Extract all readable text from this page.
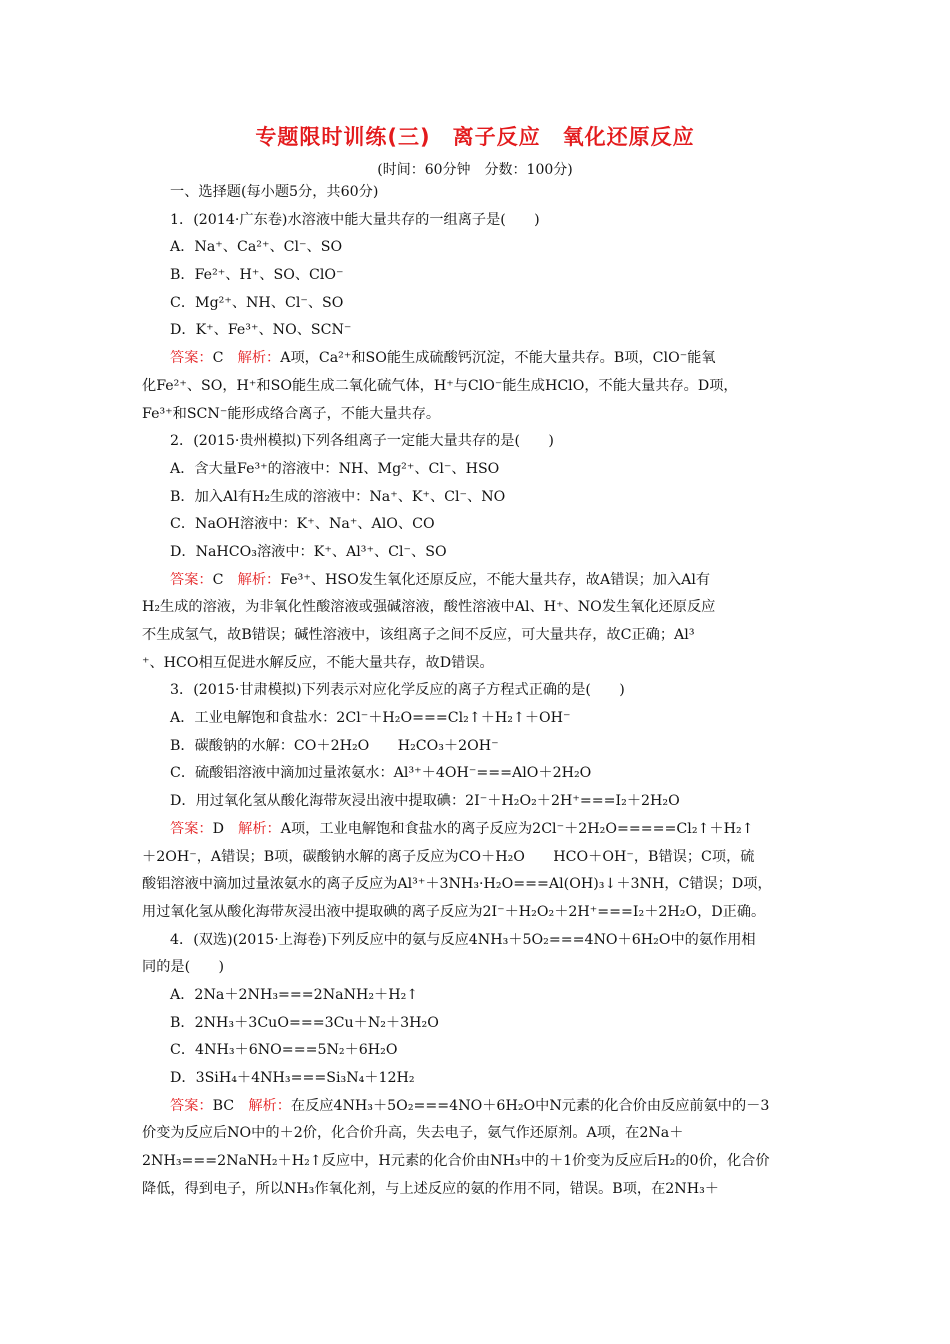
专题限时训练(三)　离子反应　氧化还原反应
(时间：60分钟　分数：100分)
一、选择题(每小题5分，共60分)
1．(2014·广东卷)水溶液中能大量共存的一组离子是(　　)
A．Na⁺、Ca²⁺、Cl⁻、SO
B．Fe²⁺、H⁺、SO、ClO⁻
C．Mg²⁺、NH、Cl⁻、SO
D．K⁺、Fe³⁺、NO、SCN⁻
答案：C　 解析：A项，Ca²⁺和SO能生成硫酸钙沉淀，不能大量共存。B项，ClO⁻能氧
化Fe²⁺、SO，H⁺和SO能生成二氧化硫气体，H⁺与ClO⁻能生成HClO，不能大量共存。D项，
Fe³⁺和SCN⁻能形成络合离子，不能大量共存。
2．(2015·贵州模拟)下列各组离子一定能大量共存的是(　　)
A．含大量Fe³⁺的溶液中：NH、Mg²⁺、Cl⁻、HSO
B．加入Al有H₂生成的溶液中：Na⁺、K⁺、Cl⁻、NO
C．NaOH溶液中：K⁺、Na⁺、AlO、CO
D．NaHCO₃溶液中：K⁺、Al³⁺、Cl⁻、SO
答案：C　 解析：Fe³⁺、HSO发生氧化还原反应，不能大量共存，故A错误；加入Al有
H₂生成的溶液，为非氧化性酸溶液或强碱溶液，酸性溶液中Al、H⁺、NO发生氧化还原反应
不生成氢气，故B错误；碱性溶液中，该组离子之间不反应，可大量共存，故C正确；Al³
⁺、HCO相互促进水解反应，不能大量共存，故D错误。
3．(2015·甘肃模拟)下列表示对应化学反应的离子方程式正确的是(　　)
A．工业电解饱和食盐水：2Cl⁻＋H₂O===Cl₂↑＋H₂↑＋OH⁻
B．碳酸钠的水解：CO＋2H₂O　　H₂CO₃＋2OH⁻
C．硫酸铝溶液中滴加过量浓氨水：Al³⁺＋4OH⁻===AlO＋2H₂O
D．用过氧化氢从酸化海带灰浸出液中提取碘：2I⁻＋H₂O₂＋2H⁺===I₂＋2H₂O
答案：D　 解析：A项，工业电解饱和食盐水的离子反应为2Cl⁻＋2H₂O=====Cl₂↑＋H₂↑
＋2OH⁻，A错误；B项，碳酸钠水解的离子反应为CO＋H₂O　　HCO＋OH⁻，B错误；C项，硫
酸铝溶液中滴加过量浓氨水的离子反应为Al³⁺＋3NH₃·H₂O===Al(OH)₃↓＋3NH，C错误；D项，
用过氧化氢从酸化海带灰浸出液中提取碘的离子反应为2I⁻＋H₂O₂＋2H⁺===I₂＋2H₂O，D正确。
4．(双选)(2015·上海卷)下列反应中的氨与反应4NH₃＋5O₂===4NO＋6H₂O中的氨作用相
同的是(　　)
A．2Na＋2NH₃===2NaNH₂＋H₂↑
B．2NH₃＋3CuO===3Cu＋N₂＋3H₂O
C．4NH₃＋6NO===5N₂＋6H₂O
D．3SiH₄＋4NH₃===Si₃N₄＋12H₂
答案：BC　 解析：在反应4NH₃＋5O₂===4NO＋6H₂O中N元素的化合价由反应前氨中的－3
价变为反应后NO中的＋2价，化合价升高，失去电子，氨气作还原剂。A项，在2Na＋
2NH₃===2NaNH₂＋H₂↑反应中，H元素的化合价由NH₃中的＋1价变为反应后H₂的0价，化合价
降低，得到电子，所以NH₃作氧化剂，与上述反应的氨的作用不同，错误。B项，在2NH₃＋
